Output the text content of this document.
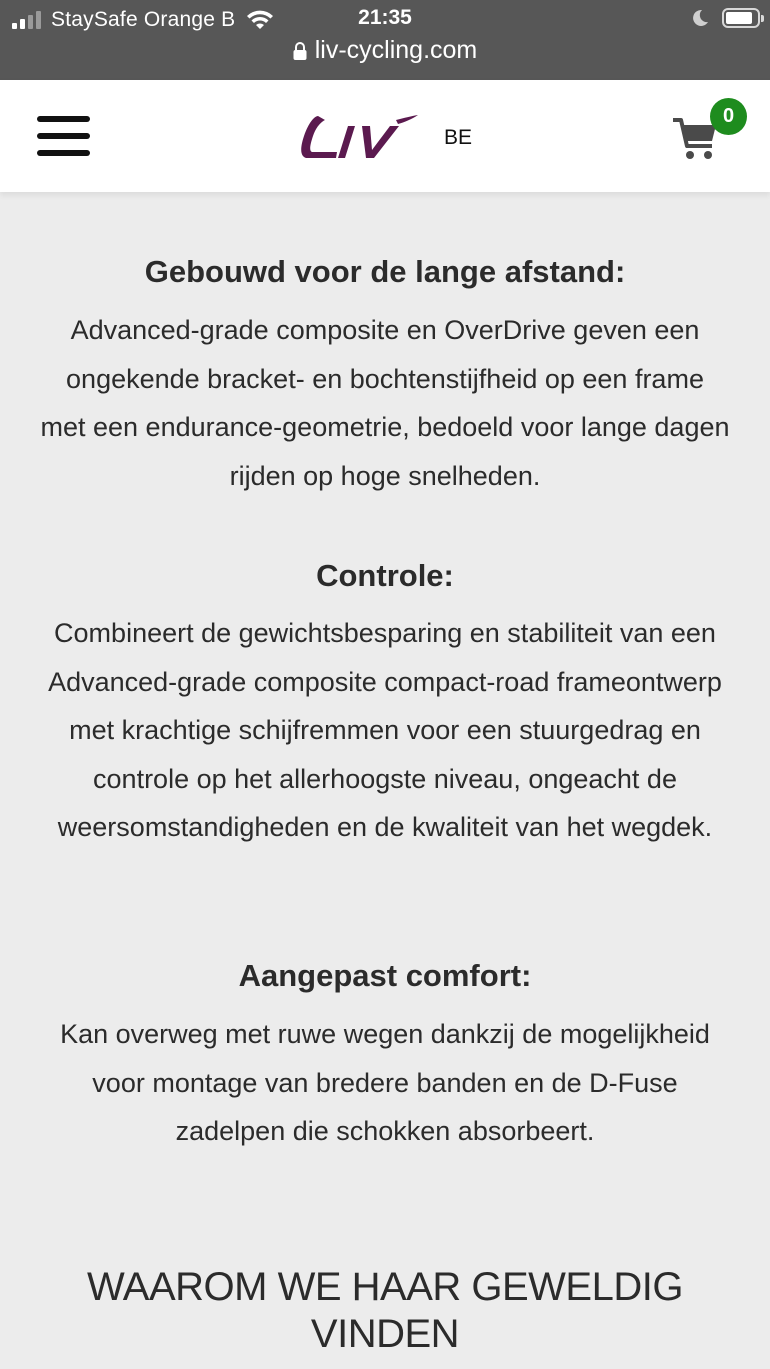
StaySafe Orange B	21:35
liv-cycling.com
BE
0
Gebouwd voor de lange afstand:

Advanced-grade composite en OverDrive geven een ongekende bracket- en bochtenstijfheid op een frame met een endurance-geometrie, bedoeld voor lange dagen rijden op hoge snelheden.

Controle:

Combineert de gewichtsbesparing en stabiliteit van een Advanced-grade composite compact-road frameontwerp met krachtige schijfremmen voor een stuurgedrag en controle op het allerhoogste niveau, ongeacht de weersomstandigheden en de kwaliteit van het wegdek.

Aangepast comfort:

Kan overweg met ruwe wegen dankzij de mogelijkheid voor montage van bredere banden en de D-Fuse zadelpen die schokken absorbeert.

WAAROM WE HAAR GEWELDIG
VINDEN
